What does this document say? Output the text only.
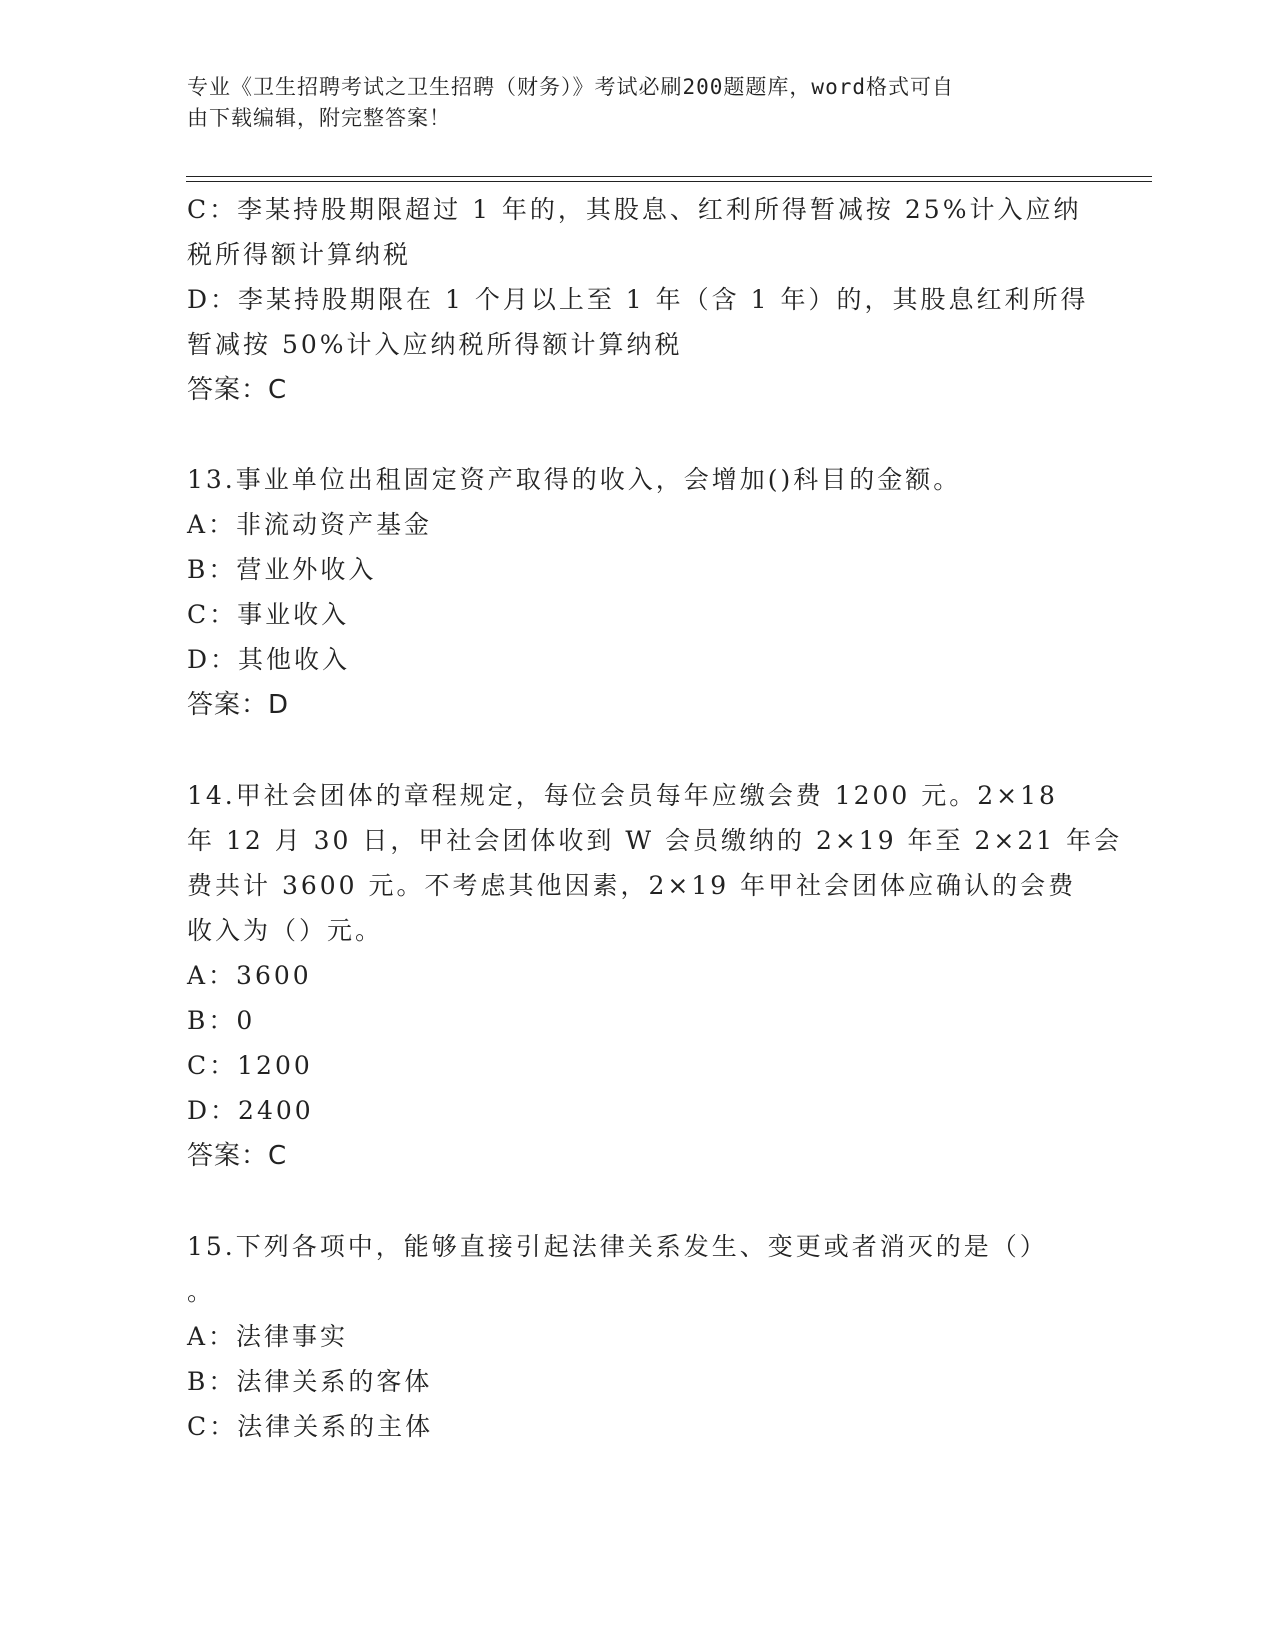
专业《卫生招聘考试之卫生招聘（财务）》考试必刷200题题库，word格式可自
由下载编辑，附完整答案！
C：李某持股期限超过 1 年的，其股息、红利所得暂减按 25%计入应纳
税所得额计算纳税
D：李某持股期限在 1 个月以上至 1 年（含 1 年）的，其股息红利所得
暂减按 50%计入应纳税所得额计算纳税
答案：C
13.事业单位出租固定资产取得的收入，会增加()科目的金额。
A：非流动资产基金
B：营业外收入
C：事业收入
D：其他收入
答案：D
14.甲社会团体的章程规定，每位会员每年应缴会费 1200 元。2×18
年 12 月 30 日，甲社会团体收到 W 会员缴纳的 2×19 年至 2×21 年会
费共计 3600 元。不考虑其他因素，2×19 年甲社会团体应确认的会费
收入为（）元。
A：3600
B：0
C：1200
D：2400
答案：C
15.下列各项中，能够直接引起法律关系发生、变更或者消灭的是（）
。
A：法律事实
B：法律关系的客体
C：法律关系的主体
